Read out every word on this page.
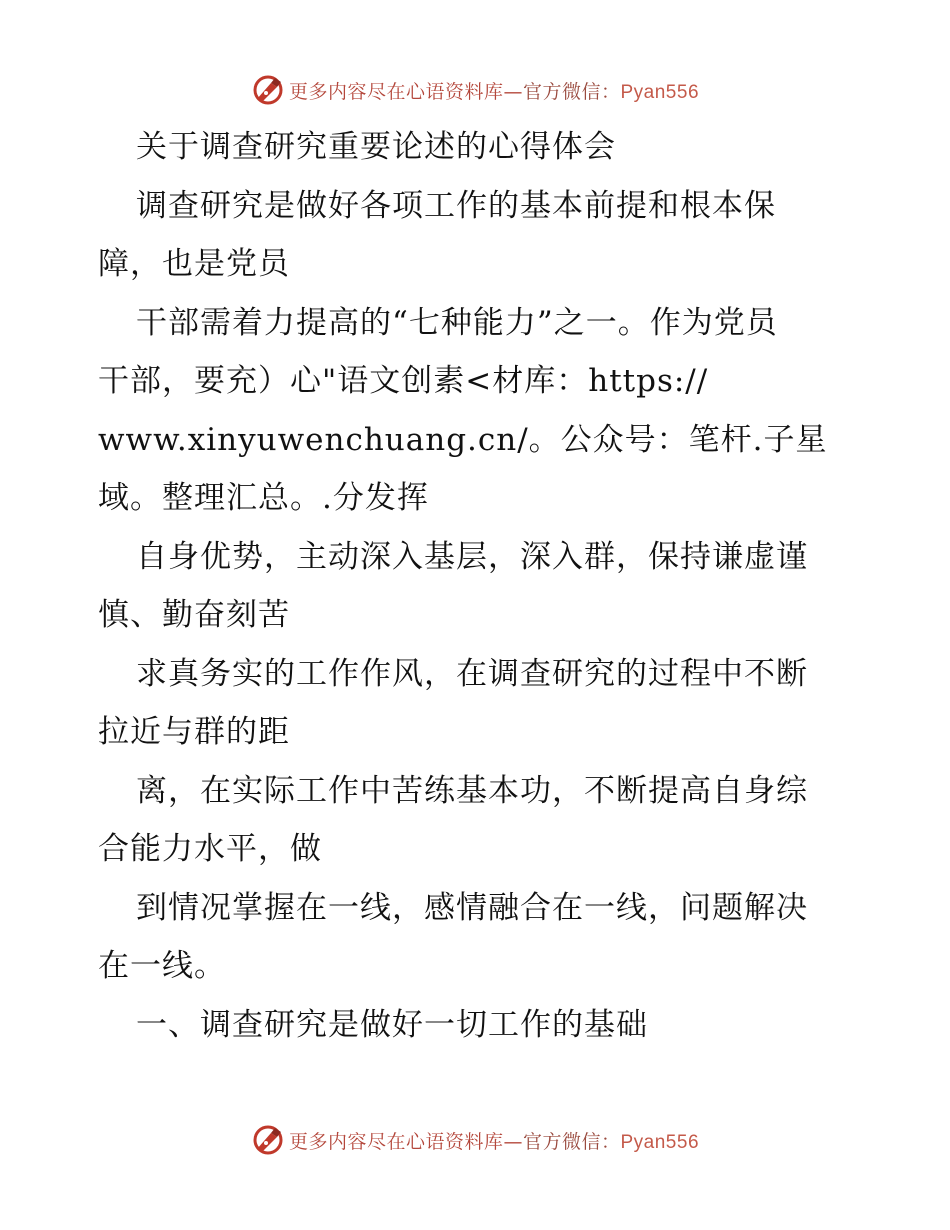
更多内容尽在心语资料库—官方微信：Pyan556
关于调查研究重要论述的心得体会
调查研究是做好各项工作的基本前提和根本保
障，也是党员
干部需着力提高的“七种能力”之一。作为党员
干部，要充）心"语文创素<材库：https://
www.xinyuwenchuang.cn/。公众号：笔杆.子星
域。整理汇总。.分发挥
自身优势，主动深入基层，深入群，保持谦虚谨
慎、勤奋刻苦
求真务实的工作作风，在调查研究的过程中不断
拉近与群的距
离，在实际工作中苦练基本功，不断提高自身综
合能力水平，做
到情况掌握在一线，感情融合在一线，问题解决
在一线。
一、调查研究是做好一切工作的基础
更多内容尽在心语资料库—官方微信：Pyan556
